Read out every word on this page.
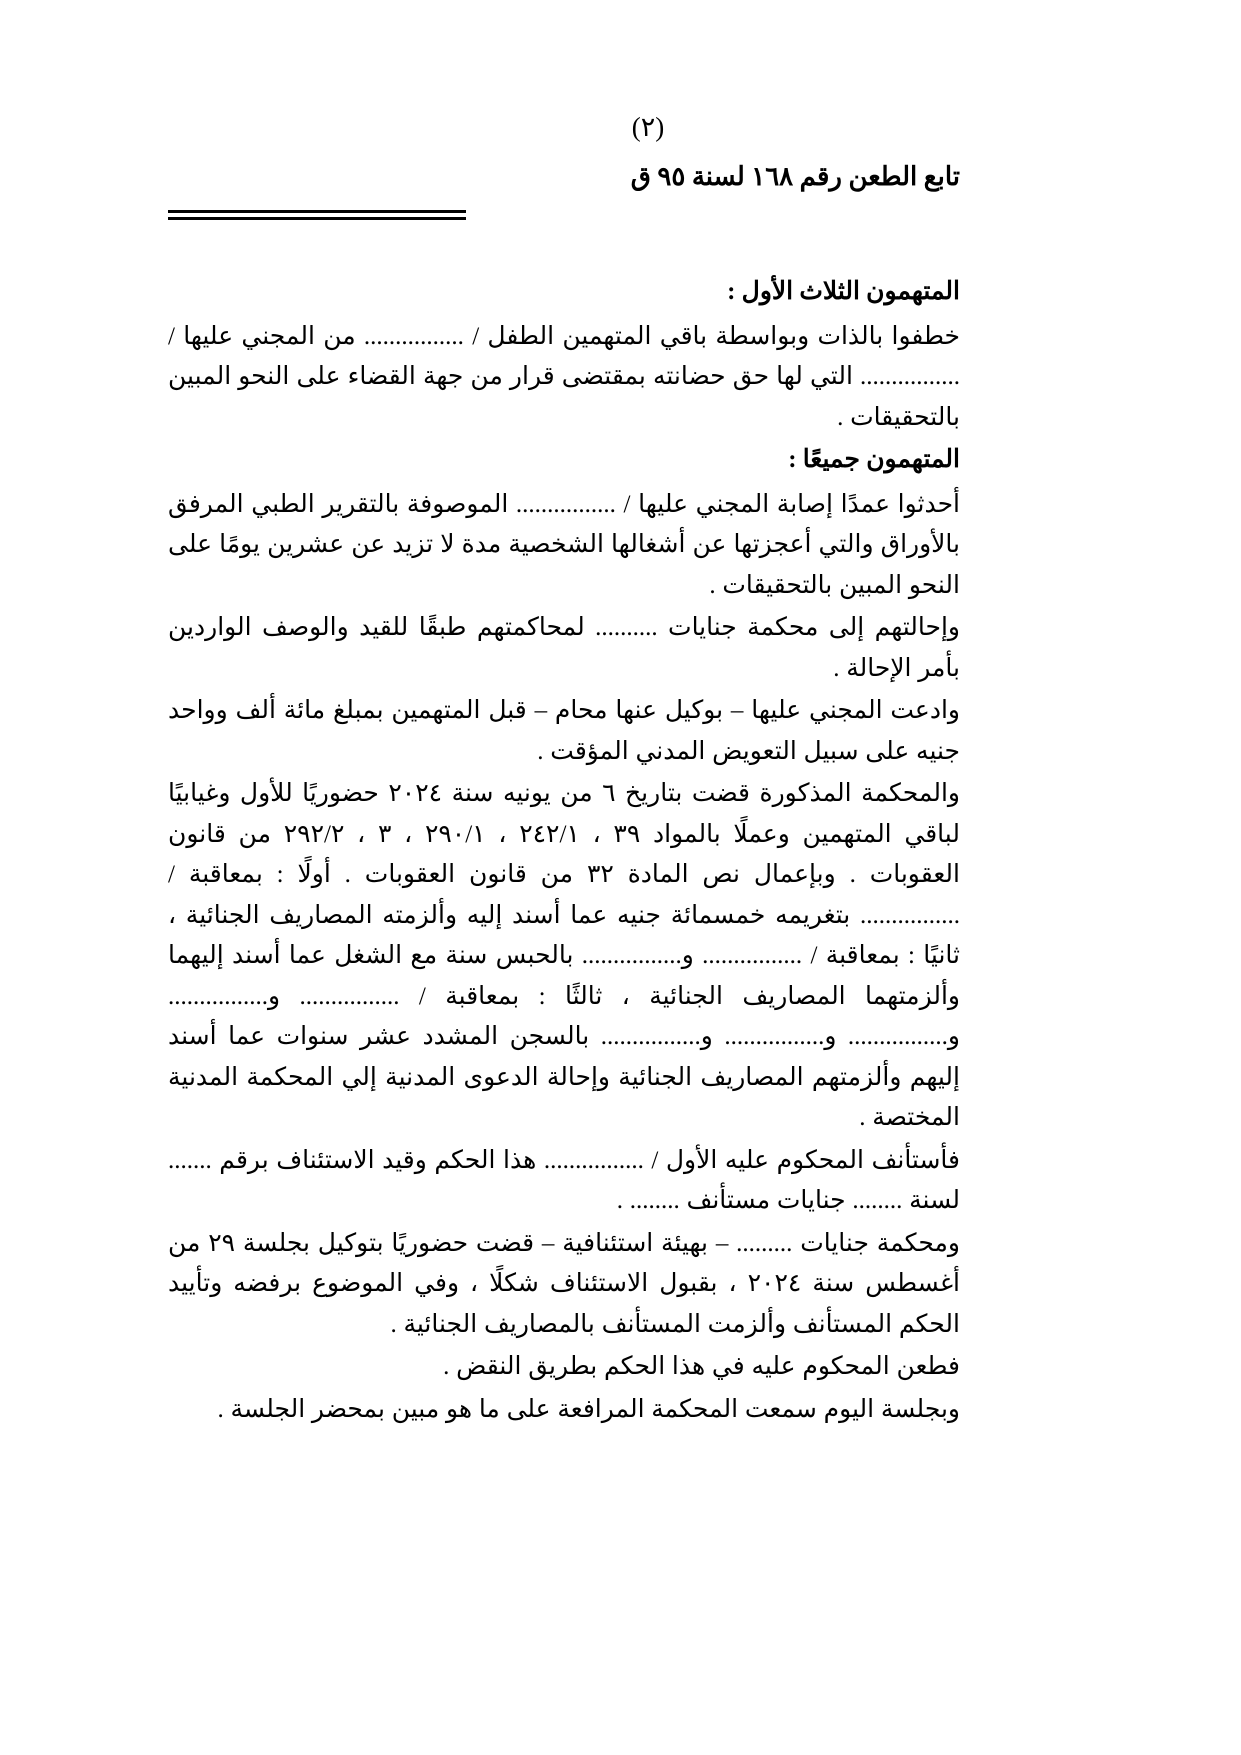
(٢)
تابع الطعن رقم ١٦٨ لسنة ٩٥ ق
المتهمون الثلاث الأول :

خطفوا بالذات وبواسطة باقي المتهمين الطفل / ................ من المجني عليها / ................ التي لها حق حضانته بمقتضى قرار من جهة القضاء على النحو المبين بالتحقيقات .

المتهمون جميعًا :

أحدثوا عمدًا إصابة المجني عليها / ................ الموصوفة بالتقرير الطبي المرفق بالأوراق والتي أعجزتها عن أشغالها الشخصية مدة لا تزيد عن عشرين يومًا على النحو المبين بالتحقيقات .

وإحالتهم إلى محكمة جنايات .......... لمحاكمتهم طبقًا للقيد والوصف الواردين بأمر الإحالة .

وادعت المجني عليها – بوكيل عنها محام – قبل المتهمين بمبلغ مائة ألف وواحد جنيه على سبيل التعويض المدني المؤقت .

والمحكمة المذكورة قضت بتاريخ ٦ من يونيه سنة ٢٠٢٤ حضوريًا للأول وغيابيًا لباقي المتهمين وعملًا بالمواد ٣٩ ، ٢٤٢/١ ، ٢٩٠/١ ، ٣ ، ٢٩٢/٢ من قانون العقوبات . وبإعمال نص المادة ٣٢ من قانون العقوبات . أولًا : بمعاقبة / ................ بتغريمه خمسمائة جنيه عما أسند إليه وألزمته المصاريف الجنائية ، ثانيًا : بمعاقبة / ................ و................ بالحبس سنة مع الشغل عما أسند إليهما وألزمتهما المصاريف الجنائية ، ثالثًا : بمعاقبة / ................ و................ و................ و................ و................ بالسجن المشدد عشر سنوات عما أسند إليهم وألزمتهم المصاريف الجنائية وإحالة الدعوى المدنية إلي المحكمة المدنية المختصة .

فأستأنف المحكوم عليه الأول / ................ هذا الحكم وقيد الاستئناف برقم ....... لسنة ........ جنايات مستأنف ........ .

ومحكمة جنايات ......... – بهيئة استئنافية – قضت حضوريًا بتوكيل بجلسة ٢٩ من أغسطس سنة ٢٠٢٤ ، بقبول الاستئناف شكلًا ، وفي الموضوع برفضه وتأييد الحكم المستأنف وألزمت المستأنف بالمصاريف الجنائية .

فطعن المحكوم عليه في هذا الحكم بطريق النقض .

وبجلسة اليوم سمعت المحكمة المرافعة على ما هو مبين بمحضر الجلسة .
